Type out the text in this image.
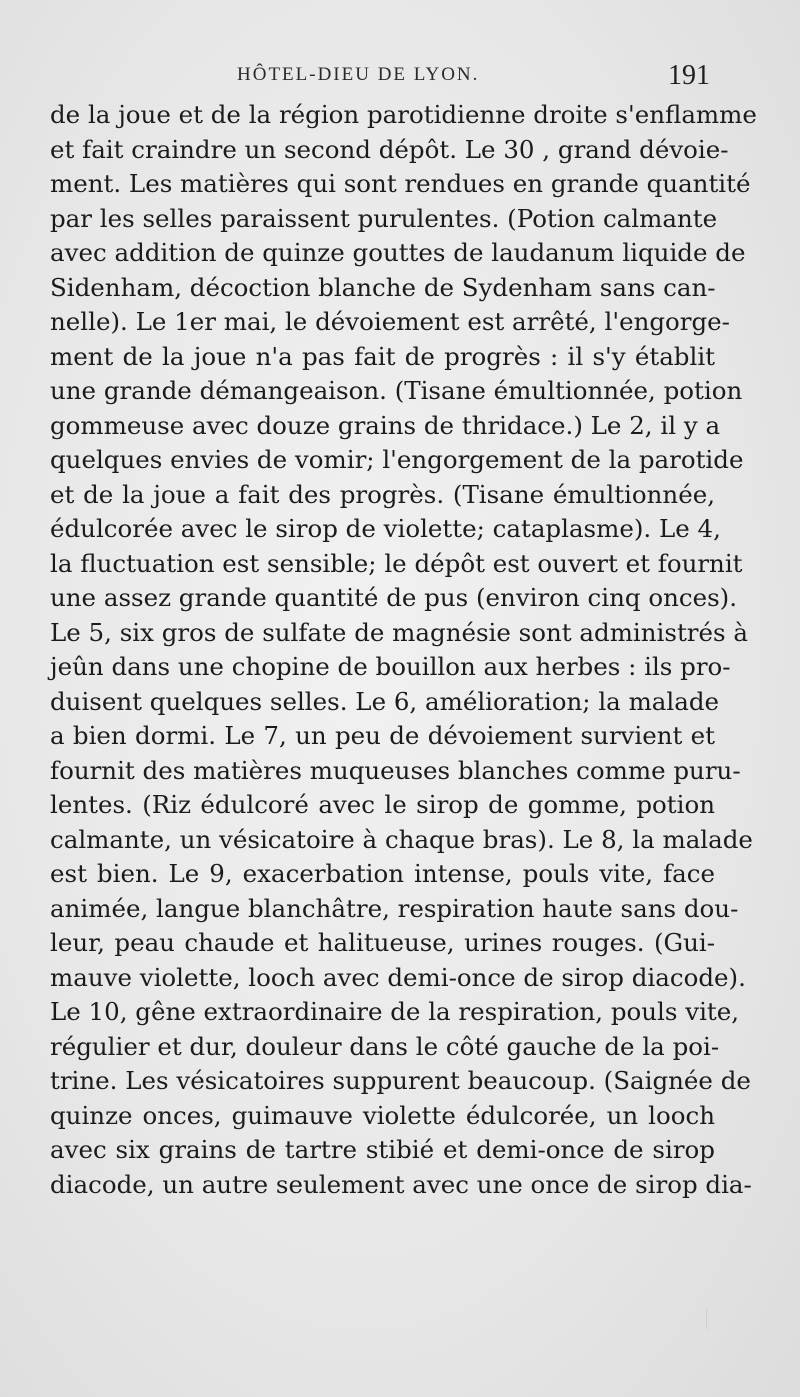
HÔTEL-DIEU DE LYON.	191
de la joue et de la région parotidienne droite s'enflamme
et fait craindre un second dépôt. Le 30 , grand dévoie-
ment. Les matières qui sont rendues en grande quantité
par les selles paraissent purulentes. (Potion calmante
avec addition de quinze gouttes de laudanum liquide de
Sidenham, décoction blanche de Sydenham sans can-
nelle). Le 1er mai, le dévoiement est arrêté, l'engorge-
ment de la joue n'a pas fait de progrès : il s'y établit
une grande démangeaison. (Tisane émultionnée, potion
gommeuse avec douze grains de thridace.) Le 2, il y a
quelques envies de vomir; l'engorgement de la parotide
et de la joue a fait des progrès. (Tisane émultionnée,
édulcorée avec le sirop de violette; cataplasme). Le 4,
la fluctuation est sensible; le dépôt est ouvert et fournit
une assez grande quantité de pus (environ cinq onces).
Le 5, six gros de sulfate de magnésie sont administrés à
jeûn dans une chopine de bouillon aux herbes : ils pro-
duisent quelques selles. Le 6, amélioration; la malade
a bien dormi. Le 7, un peu de dévoiement survient et
fournit des matières muqueuses blanches comme puru-
lentes. (Riz édulcoré avec le sirop de gomme, potion
calmante, un vésicatoire à chaque bras). Le 8, la malade
est bien. Le 9, exacerbation intense, pouls vite, face
animée, langue blanchâtre, respiration haute sans dou-
leur, peau chaude et halitueuse, urines rouges. (Gui-
mauve violette, looch avec demi-once de sirop diacode).
Le 10, gêne extraordinaire de la respiration, pouls vite,
régulier et dur, douleur dans le côté gauche de la poi-
trine. Les vésicatoires suppurent beaucoup. (Saignée de
quinze onces, guimauve violette édulcorée, un looch
avec six grains de tartre stibié et demi-once de sirop
diacode, un autre seulement avec une once de sirop dia-
